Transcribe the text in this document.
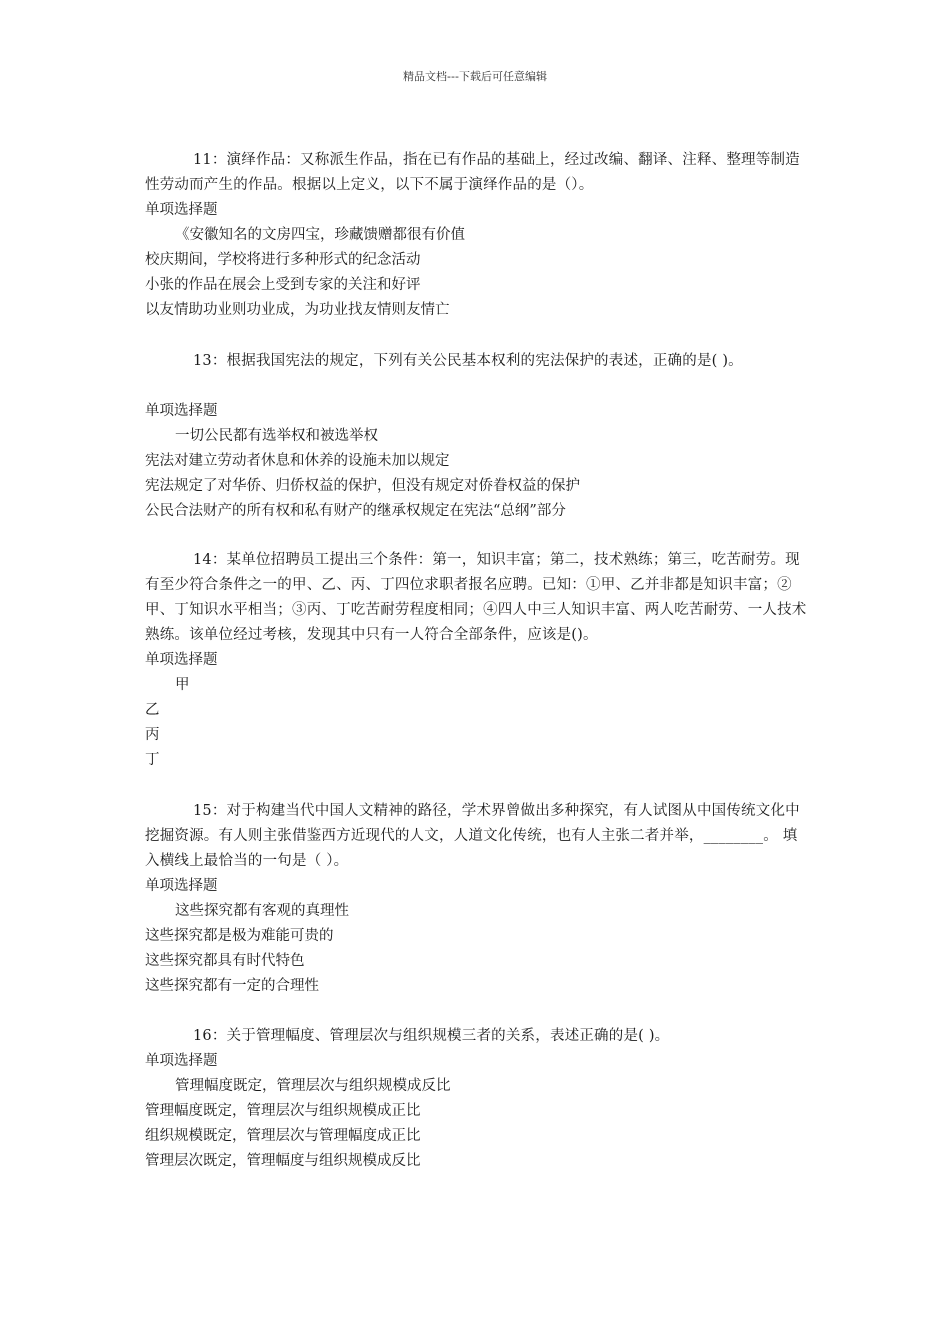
精品文档---下载后可任意编辑

11：演绎作品：又称派生作品，指在已有作品的基础上，经过改编、翻译、注释、整理等制造性劳动而产生的作品。根据以上定义，以下不属于演绎作品的是（）。

单项选择题

《安徽知名的文房四宝，珍藏馈赠都很有价值

校庆期间，学校将进行多种形式的纪念活动

小张的作品在展会上受到专家的关注和好评

以友情助功业则功业成，为功业找友情则友情亡

13：根据我国宪法的规定，下列有关公民基本权利的宪法保护的表述，正确的是( )。

单项选择题

一切公民都有选举权和被选举权

宪法对建立劳动者休息和休养的设施未加以规定

宪法规定了对华侨、归侨权益的保护，但没有规定对侨眷权益的保护

公民合法财产的所有权和私有财产的继承权规定在宪法“总纲”部分

14：某单位招聘员工提出三个条件：第一，知识丰富；第二，技术熟练；第三，吃苦耐劳。现有至少符合条件之一的甲、乙、丙、丁四位求职者报名应聘。已知：①甲、乙并非都是知识丰富；②甲、丁知识水平相当；③丙、丁吃苦耐劳程度相同；④四人中三人知识丰富、两人吃苦耐劳、一人技术熟练。该单位经过考核，发现其中只有一人符合全部条件，应该是()。

单项选择题

甲

乙

丙

丁

15：对于构建当代中国人文精神的路径，学术界曾做出多种探究，有人试图从中国传统文化中挖掘资源。有人则主张借鉴西方近现代的人文，人道文化传统，也有人主张二者并举，________。 填入横线上最恰当的一句是（ ）。

单项选择题

这些探究都有客观的真理性

这些探究都是极为难能可贵的

这些探究都具有时代特色

这些探究都有一定的合理性

16：关于管理幅度、管理层次与组织规模三者的关系，表述正确的是( )。

单项选择题

管理幅度既定，管理层次与组织规模成反比

管理幅度既定，管理层次与组织规模成正比

组织规模既定，管理层次与管理幅度成正比

管理层次既定，管理幅度与组织规模成反比
